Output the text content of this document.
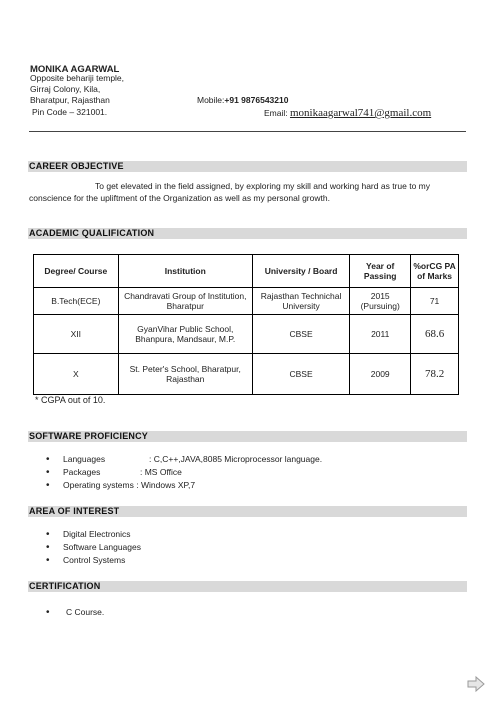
MONIKA AGARWAL
Opposite behariji temple,
Girraj Colony, Kila,
Bharatpur, Rajasthan
Pin Code – 321001.
Mobile:+91 9876543210
Email: monikaagarwal741@gmail.com
CAREER OBJECTIVE
To get elevated in the field assigned, by exploring my skill and working hard as true to my conscience for the upliftment of the Organization as well as my personal growth.
ACADEMIC QUALIFICATION
Degree/ Course	Institution	University / Board	Year of Passing	%orCG PA of Marks
B.Tech(ECE)	Chandravati Group of Institution, Bharatpur	Rajasthan Technichal University	2015 (Pursuing)	71
XII	GyanVihar Public School, Bhanpura, Mandsaur, M.P.	CBSE	2011	68.6
X	St. Peter's School, Bharatpur, Rajasthan	CBSE	2009	78.2
* CGPA out of 10.
SOFTWARE PROFICIENCY
• Languages	: C,C++,JAVA,8085 Microprocessor language.
• Packages	: MS Office
• Operating systems : Windows XP,7
AREA OF INTEREST
• Digital Electronics
• Software Languages
• Control Systems
CERTIFICATION
• C Course.
